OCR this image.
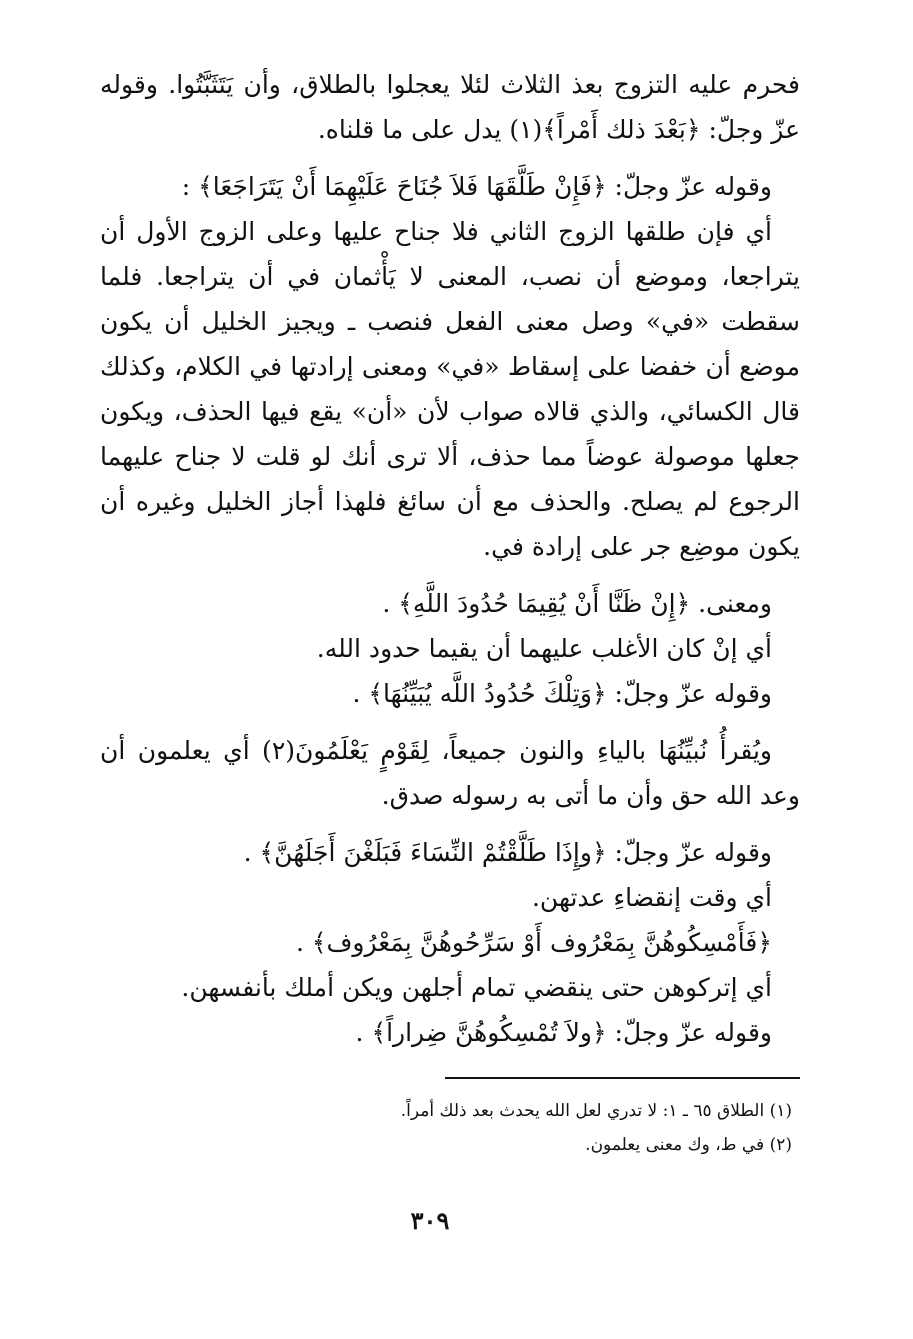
فحرم عليه التزوج بعذ الثلاث لئلا يعجلوا بالطلاق، وأن يَتَثَبَّتُوا. وقوله عزّ وجلّ: ﴿بَعْدَ ذلك أَمْراً﴾(١) يدل على ما قلناه.

وقوله عزّ وجلّ: ﴿فَإِنْ طَلَّقَهَا فَلاَ جُنَاحَ عَلَيْهِمَا أَنْ يَتَرَاجَعَا﴾ :

أي فإن طلقها الزوج الثاني فلا جناح عليها وعلى الزوج الأول أن يتراجعا، وموضع أن نصب، المعنى لا يَأْثمان في أن يتراجعا. فلما سقطت «في» وصل معنى الفعل فنصب ـ ويجيز الخليل أن يكون موضع أن خفضا على إسقاط «في» ومعنى إرادتها في الكلام، وكذلك قال الكسائي، والذي قالاه صواب لأن «أن» يقع فيها الحذف، ويكون جعلها موصولة عوضاً مما حذف، ألا ترى أنك لو قلت لا جناح عليهما الرجوع لم يصلح. والحذف مع أن سائغ فلهذا أجاز الخليل وغيره أن يكون موضِع جر على إرادة في.

ومعنى. ﴿إِنْ ظَنَّا أَنْ يُقِيمَا حُدُودَ اللَّهِ﴾ .
أي إنْ كان الأغلب عليهما أن يقيما حدود الله.
وقوله عزّ وجلّ: ﴿وَتِلْكَ حُدُودُ اللَّه يُبَيِّنُهَا﴾ .

ويُقرأُ نُبيِّنُهَا بالياءِ والنون جميعاً، لِقَوْمٍ يَعْلَمُونَ(٢) أي يعلمون أن وعد الله حق وأن ما أتى به رسوله صدق.

وقوله عزّ وجلّ: ﴿وإِذَا طَلَّقْتُمْ النِّسَاءَ فَبَلَغْنَ أَجَلَهُنَّ﴾ .
أي وقت إنقضاءِ عدتهن.
﴿فَأَمْسِكُوهُنَّ بِمَعْرُوف أَوْ سَرِّحُوهُنَّ بِمَعْرُوف﴾ .
أي إتركوهن حتى ينقضي تمام أجلهن ويكن أملك بأنفسهن.
وقوله عزّ وجلّ: ﴿ولاَ تُمْسِكُوهُنَّ ضِراراً﴾ .

(١) الطلاق ٦٥ ـ ١: لا تدري لعل الله يحدث بعد ذلك أمراً.

(٢) في ط، وك معنى يعلمون.

٣٠٩
